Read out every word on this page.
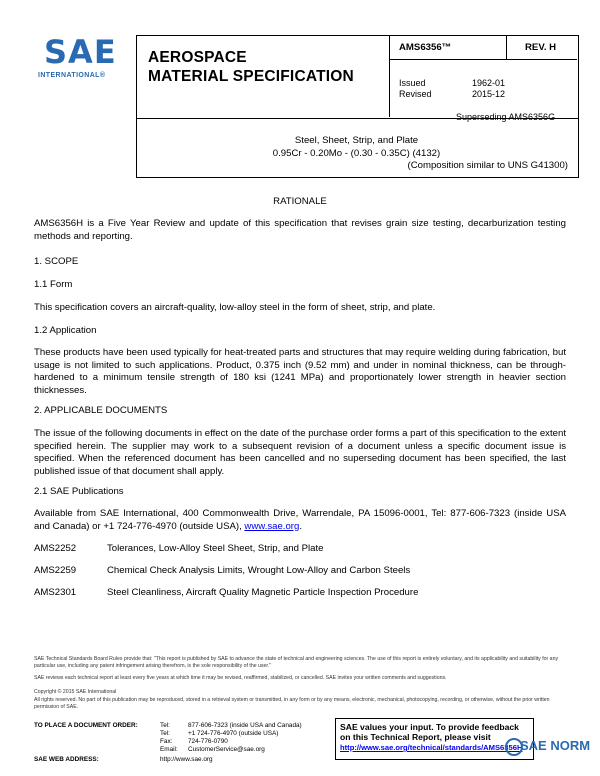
SAE
INTERNATIONAL®
AEROSPACE
MATERIAL SPECIFICATION
AMS6356™	REV. H
Issued	1962-01
Revised	2015-12
Superseding AMS6356G
Steel, Sheet, Strip, and Plate
0.95Cr - 0.20Mo - (0.30 - 0.35C) (4132)
(Composition similar to UNS G41300)
RATIONALE
AMS6356H is a Five Year Review and update of this specification that revises grain size testing, decarburization testing methods and reporting.
1. SCOPE
1.1 Form
This specification covers an aircraft-quality, low-alloy steel in the form of sheet, strip, and plate.
1.2 Application
These products have been used typically for heat-treated parts and structures that may require welding during fabrication, but usage is not limited to such applications. Product, 0.375 inch (9.52 mm) and under in nominal thickness, can be through-hardened to a minimum tensile strength of 180 ksi (1241 MPa) and proportionately lower strength in heavier section thicknesses.
2. APPLICABLE DOCUMENTS
The issue of the following documents in effect on the date of the purchase order forms a part of this specification to the extent specified herein. The supplier may work to a subsequent revision of a document unless a specific document issue is specified. When the referenced document has been cancelled and no superseding document has been specified, the last published issue of that document shall apply.
2.1 SAE Publications
Available from SAE International, 400 Commonwealth Drive, Warrendale, PA 15096-0001, Tel: 877-606-7323 (inside USA and Canada) or +1 724-776-4970 (outside USA), www.sae.org.
AMS2252	Tolerances, Low-Alloy Steel Sheet, Strip, and Plate
AMS2259	Chemical Check Analysis Limits, Wrought Low-Alloy and Carbon Steels
AMS2301	Steel Cleanliness, Aircraft Quality Magnetic Particle Inspection Procedure
SAE Technical Standards Board Rules provide that: "This report is published by SAE to advance the state of technical and engineering sciences. The use of this report is entirely voluntary, and its applicability and suitability for any particular use, including any patent infringement arising therefrom, is the sole responsibility of the user."
SAE reviews each technical report at least every five years at which time it may be revised, reaffirmed, stabilized, or cancelled. SAE invites your written comments and suggestions.
Copyright © 2015 SAE International
All rights reserved. No part of this publication may be reproduced, stored in a retrieval system or transmitted, in any form or by any means, electronic, mechanical, photocopying, recording, or otherwise, without the prior written permission of SAE.
TO PLACE A DOCUMENT ORDER:	Tel:	877-606-7323 (inside USA and Canada)
Tel:	+1 724-776-4970 (outside USA)
Fax: 724-776-0790
Email: CustomerService@sae.org
SAE WEB ADDRESS:	http://www.sae.org
SAE values your input. To provide feedback
on this Technical Report, please visit
http://www.sae.org/technical/standards/AMS6356H
SAE NORM
